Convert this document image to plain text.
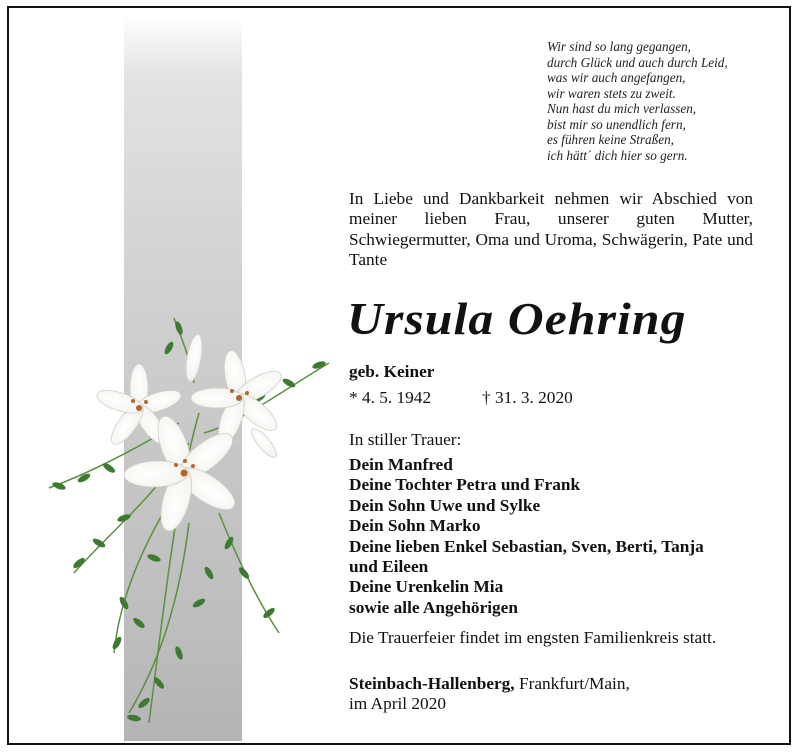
Wir sind so lang gegangen,
durch Glück und auch durch Leid,
was wir auch angefangen,
wir waren stets zu zweit.
Nun hast du mich verlassen,
bist mir so unendlich fern,
es führen keine Straßen,
ich hätt´ dich hier so gern.
In Liebe und Dankbarkeit nehmen wir Abschied von meiner lieben Frau, unserer guten Mutter, Schwiegermutter, Oma und Uroma, Schwägerin, Pate und Tante
Ursula Oehring
geb. Keiner
* 4. 5. 1942	† 31. 3. 2020
In stiller Trauer:
Dein Manfred
Deine Tochter Petra und Frank
Dein Sohn Uwe und Sylke
Dein Sohn Marko
Deine lieben Enkel Sebastian, Sven, Berti, Tanja
und Eileen
Deine Urenkelin Mia
sowie alle Angehörigen
Die Trauerfeier findet im engsten Familienkreis statt.
Steinbach-Hallenberg, Frankfurt/Main,
im April 2020
